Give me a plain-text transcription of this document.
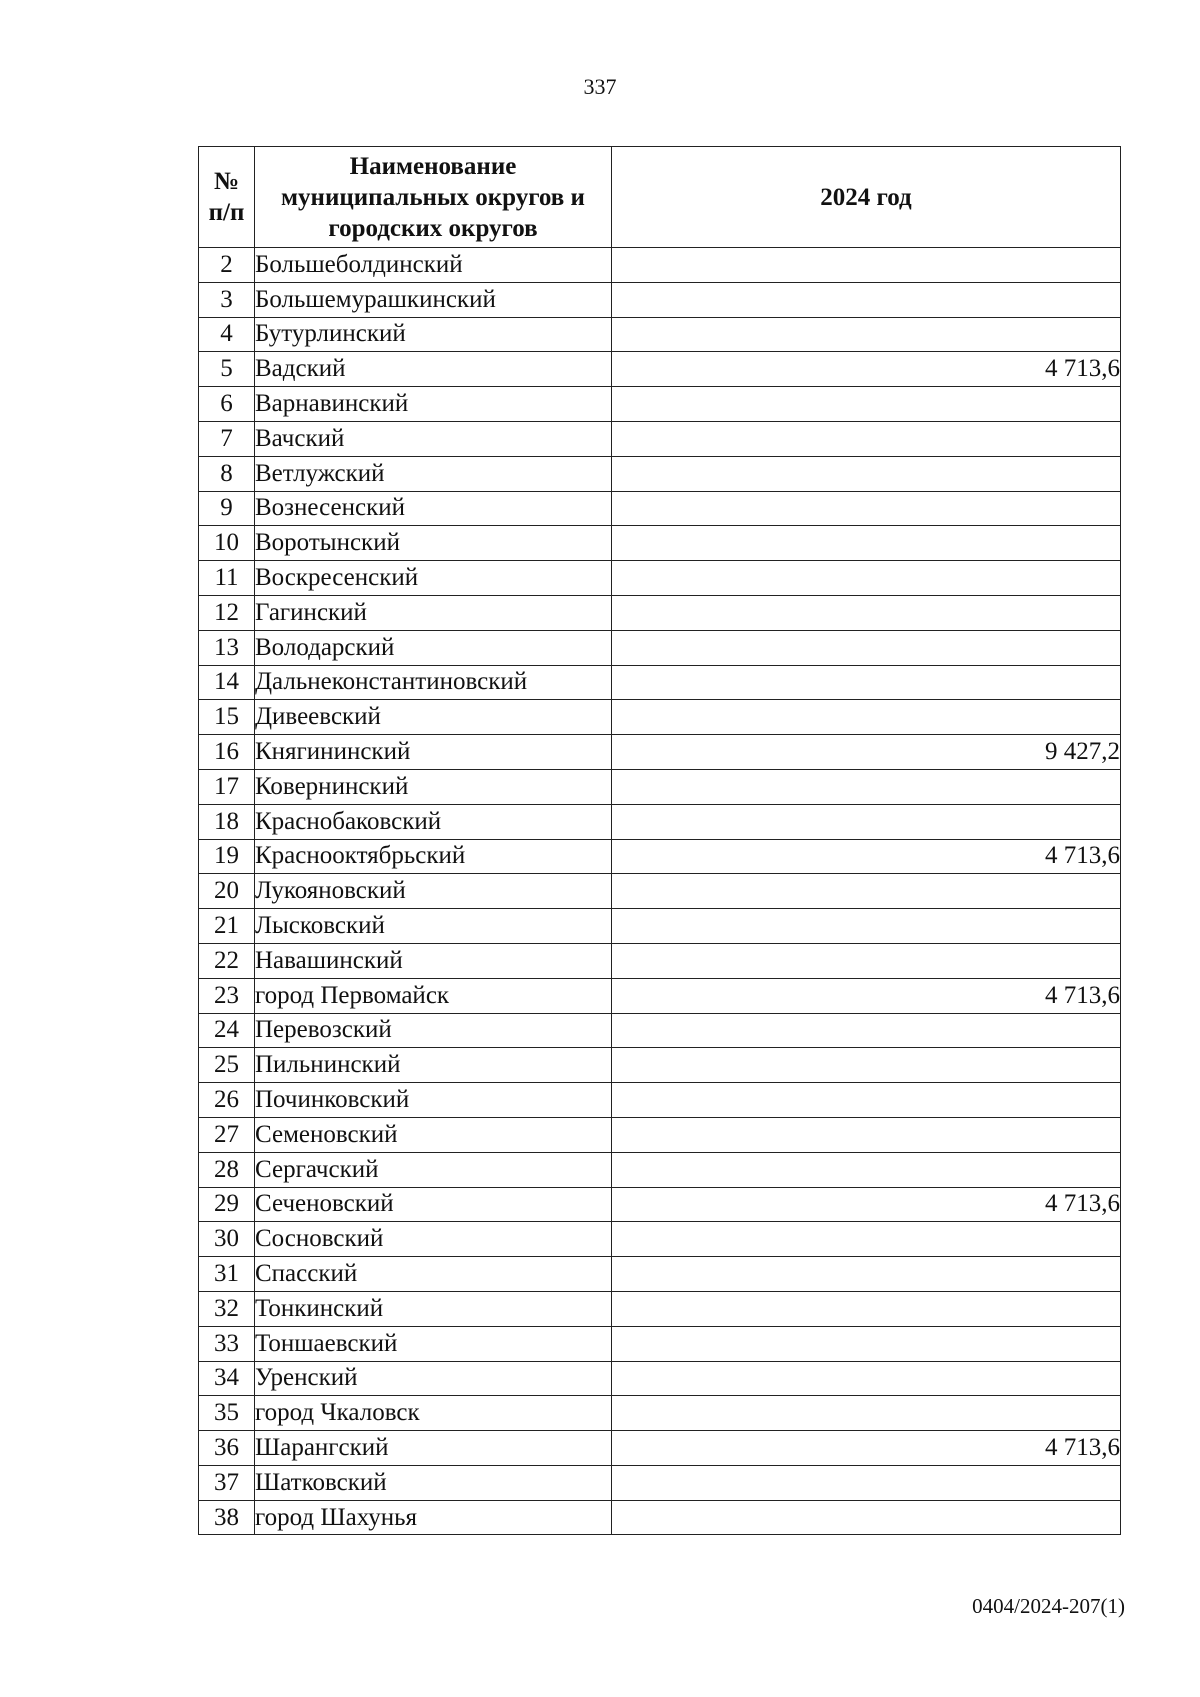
337
№
п/п	Наименование муниципальных округов и городских округов	2024 год
2	Большеболдинский	
3	Большемурашкинский	
4	Бутурлинский	
5	Вадский	4 713,6
6	Варнавинский	
7	Вачский	
8	Ветлужский	
9	Вознесенский	
10	Воротынский	
11	Воскресенский	
12	Гагинский	
13	Володарский	
14	Дальнеконстантиновский	
15	Дивеевский	
16	Княгининский	9 427,2
17	Ковернинский	
18	Краснобаковский	
19	Краснооктябрьский	4 713,6
20	Лукояновский	
21	Лысковский	
22	Навашинский	
23	город Первомайск	4 713,6
24	Перевозский	
25	Пильнинский	
26	Починковский	
27	Семеновский	
28	Сергачский	
29	Сеченовский	4 713,6
30	Сосновский	
31	Спасский	
32	Тонкинский	
33	Тоншаевский	
34	Уренский	
35	город Чкаловск	
36	Шарангский	4 713,6
37	Шатковский	
38	город Шахунья	
0404/2024-207(1)
